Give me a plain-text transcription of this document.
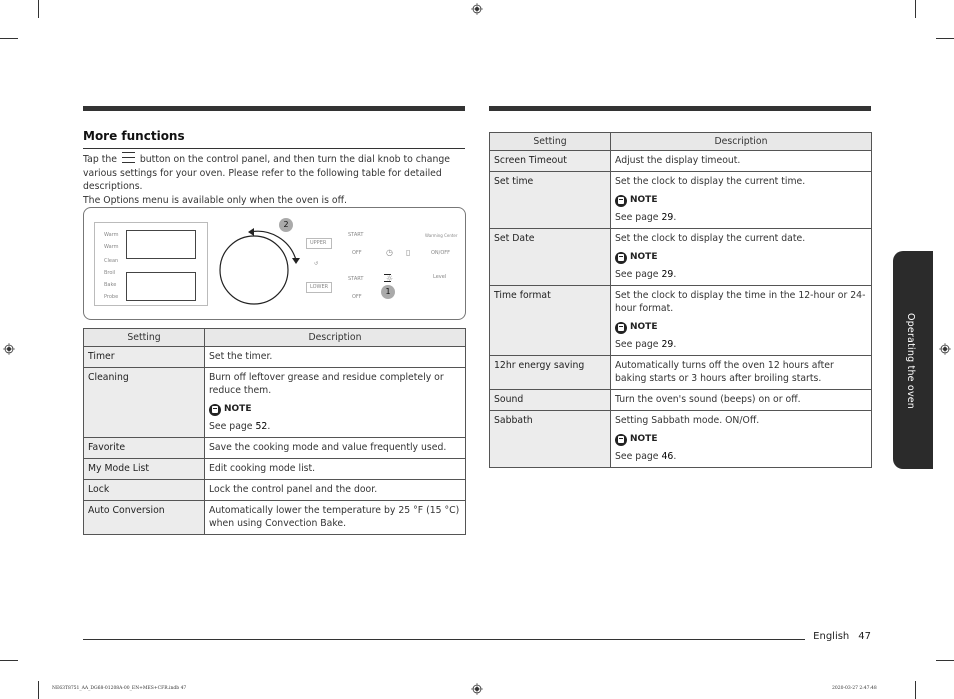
More functions

Tap the button on the control panel, and then turn the dial knob to change various settings for your oven. Please refer to the following table for detailed descriptions.

The Options menu is available only when the oven is off.

Warm
Warm
Clean
Broil
Bake
Probe
2
UPPER
LOWER
START
OFF
START
OFF
↺
◷
☼
▯
1
Warming Center
ON/OFF
Level
Setting	Description
Timer	Set the timer.

Cleaning	Burn off leftover grease and residue completely or reduce them.
NOTE
See page 52.

Favorite	Save the cooking mode and value frequently used.

My Mode List	Edit cooking mode list.

Lock	Lock the control panel and the door.

Auto Conversion	Automatically lower the temperature by 25 °F (15 °C) when using Convection Bake.
Setting	Description
Screen Timeout	Adjust the display timeout.

Set time	Set the clock to display the current time.
NOTE
See page 29.

Set Date	Set the clock to display the current date.
NOTE
See page 29.

Time format	Set the clock to display the time in the 12-hour or 24-hour format.
NOTE
See page 29.

12hr energy saving	Automatically turns off the oven 12 hours after baking starts or 3 hours after broiling starts.

Sound	Turn the oven's sound (beeps) on or off.

Sabbath	Setting Sabbath mode. ON/Off.
NOTE
See page 46.
Operating the oven
English 47
NE63T8751_AA_DG68-01208A-00_EN+MES+CFR.indb 47	2020-03-27 2:47:48
